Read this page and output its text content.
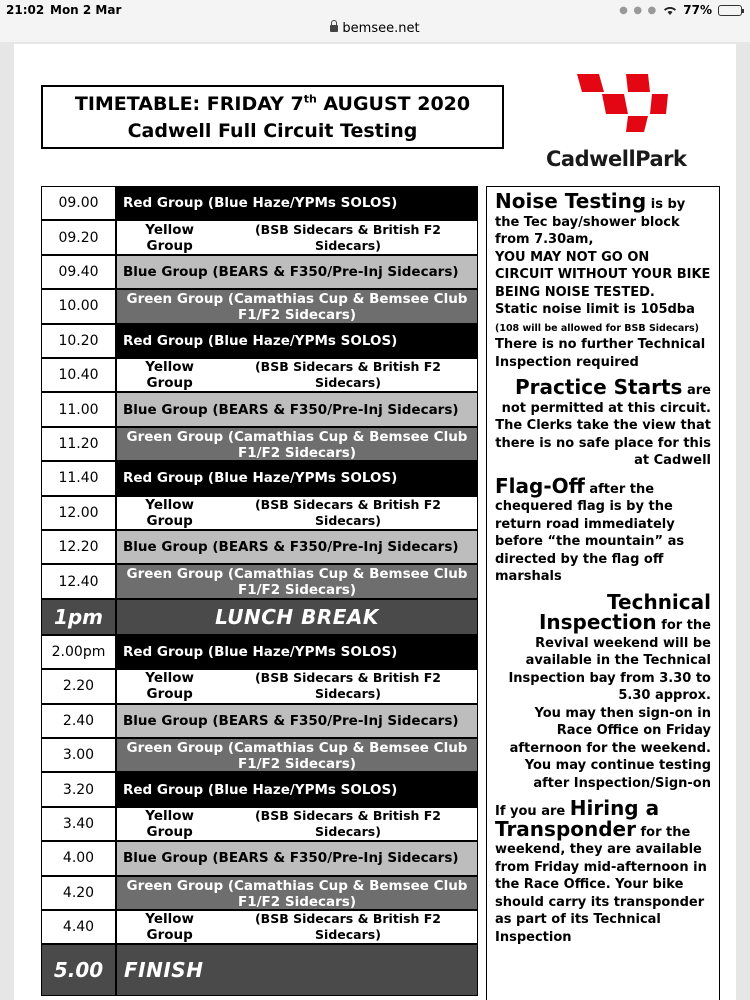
21:02 Mon 2 Mar	● ● ● 77%
bemsee.net
TIMETABLE: FRIDAY 7th AUGUST 2020
Cadwell Full Circuit Testing
CadwellPark
09.00	Red Group (Blue Haze/YPMs SOLOS)
09.20	Yellow Group

(BSB Sidecars & British F2 Sidecars)
09.40	Blue Group (BEARS & F350/Pre-Inj Sidecars)
10.00	Green Group (Camathias Cup & Bemsee Club F1/F2 Sidecars)
10.20	Red Group (Blue Haze/YPMs SOLOS)
10.40	Yellow Group

(BSB Sidecars & British F2 Sidecars)
11.00	Blue Group (BEARS & F350/Pre-Inj Sidecars)
11.20	Green Group (Camathias Cup & Bemsee Club F1/F2 Sidecars)
11.40	Red Group (Blue Haze/YPMs SOLOS)
12.00	Yellow Group

(BSB Sidecars & British F2 Sidecars)
12.20	Blue Group (BEARS & F350/Pre-Inj Sidecars)
12.40	Green Group (Camathias Cup & Bemsee Club F1/F2 Sidecars)
1pm	LUNCH BREAK
2.00pm	Red Group (Blue Haze/YPMs SOLOS)
2.20	Yellow Group

(BSB Sidecars & British F2 Sidecars)
2.40	Blue Group (BEARS & F350/Pre-Inj Sidecars)
3.00	Green Group (Camathias Cup & Bemsee Club F1/F2 Sidecars)
3.20	Red Group (Blue Haze/YPMs SOLOS)
3.40	Yellow Group

(BSB Sidecars & British F2 Sidecars)
4.00	Blue Group (BEARS & F350/Pre-Inj Sidecars)
4.20	Green Group (Camathias Cup & Bemsee Club F1/F2 Sidecars)
4.40	Yellow Group

(BSB Sidecars & British F2 Sidecars)
5.00	FINISH
Noise Testing is by the Tec bay/shower block from 7.30am,
YOU MAY NOT GO ON CIRCUIT WITHOUT YOUR BIKE BEING NOISE TESTED.
Static noise limit is 105dba
(108 will be allowed for BSB Sidecars)
There is no further Technical Inspection required
Practice Starts are not permitted at this circuit. The Clerks take the view that there is no safe place for this at Cadwell
Flag-Off after the chequered flag is by the return road immediately before “the mountain” as directed by the flag off marshals
Technical
Inspection for the Revival weekend will be available in the Technical Inspection bay from 3.30 to 5.30 approx.
You may then sign-on in Race Office on Friday afternoon for the weekend. You may continue testing after Inspection/Sign-on
If you are Hiring a Transponder for the weekend, they are available from Friday mid-afternoon in the Race Office. Your bike should carry its transponder as part of its Technical Inspection
